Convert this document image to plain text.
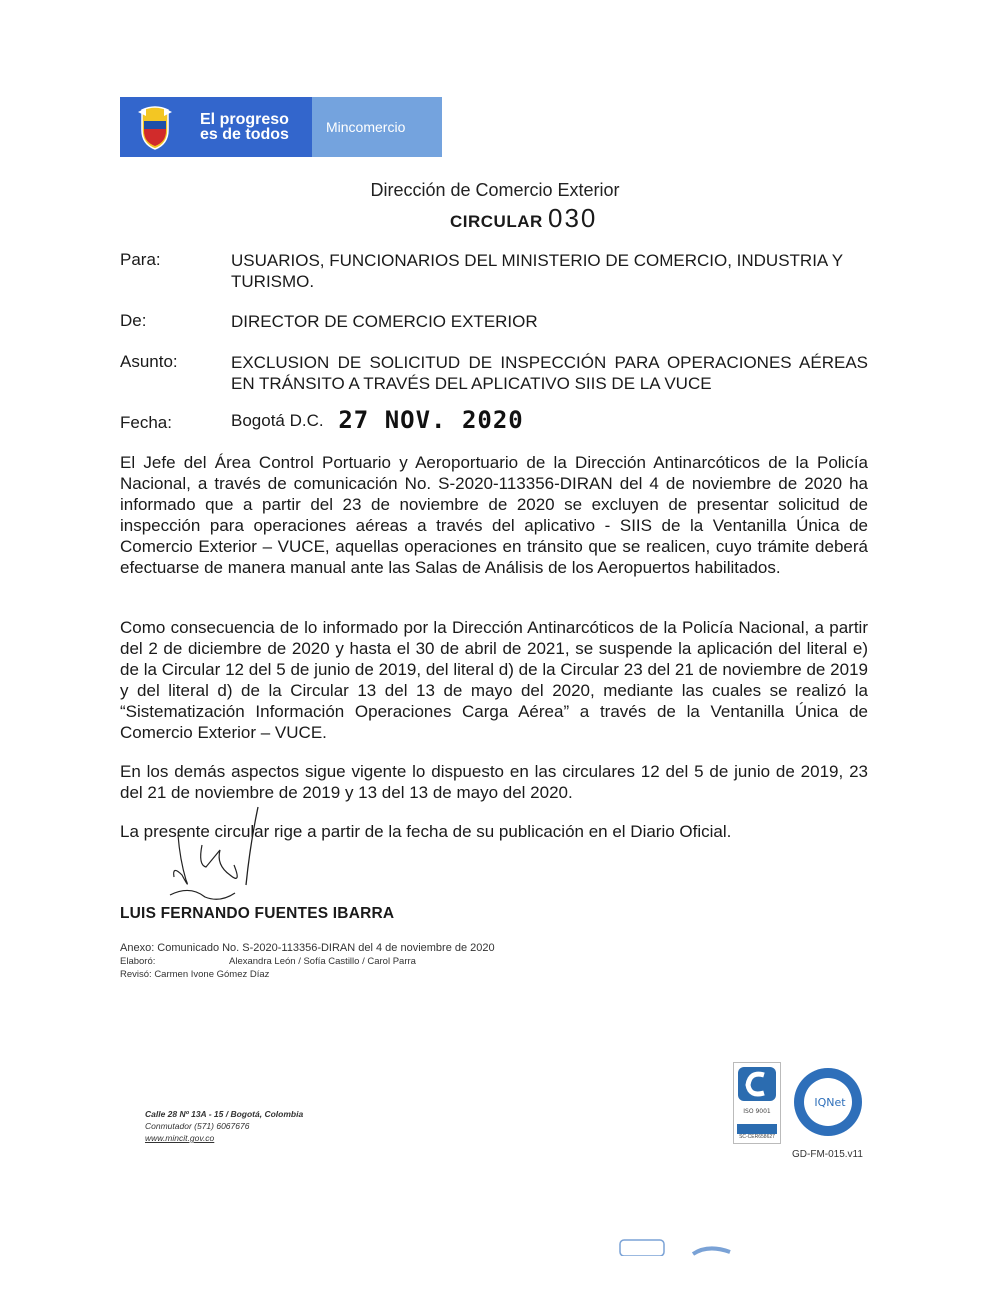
El progreso
es de todos	Mincomercio
Dirección de Comercio Exterior
CIRCULAR 030
Para:	USUARIOS, FUNCIONARIOS DEL MINISTERIO DE COMERCIO, INDUSTRIA Y TURISMO.
De:	DIRECTOR DE COMERCIO EXTERIOR
Asunto:	EXCLUSION DE SOLICITUD DE INSPECCIÓN PARA OPERACIONES AÉREAS EN TRÁNSITO A TRAVÉS DEL APLICATIVO SIIS DE LA VUCE
Fecha:	Bogotá D.C. 27 NOV. 2020
El Jefe del Área Control Portuario y Aeroportuario de la Dirección Antinarcóticos de la Policía Nacional, a través de comunicación No. S-2020-113356-DIRAN del 4 de noviembre de 2020 ha informado que a partir del 23 de noviembre de 2020 se excluyen de presentar solicitud de inspección para operaciones aéreas a través del aplicativo - SIIS de la Ventanilla Única de Comercio Exterior – VUCE, aquellas operaciones en tránsito que se realicen, cuyo trámite deberá efectuarse de manera manual ante las Salas de Análisis de los Aeropuertos habilitados.
Como consecuencia de lo informado por la Dirección Antinarcóticos de la Policía Nacional, a partir del 2 de diciembre de 2020 y hasta el 30 de abril de 2021, se suspende la aplicación del literal e) de la Circular 12 del 5 de junio de 2019, del literal d) de la Circular 23 del 21 de noviembre de 2019 y del literal d) de la Circular 13 del 13 de mayo del 2020, mediante las cuales se realizó la “Sistematización Información Operaciones Carga Aérea” a través de la Ventanilla Única de Comercio Exterior – VUCE.
En los demás aspectos sigue vigente lo dispuesto en las circulares 12 del 5 de junio de 2019, 23 del 21 de noviembre de 2019 y 13 del 13 de mayo del 2020.
La presente circular rige a partir de la fecha de su publicación en el Diario Oficial.
LUIS FERNANDO FUENTES IBARRA
Anexo: Comunicado No. S-2020-113356-DIRAN del 4 de noviembre de 2020
Elaboró:	Alexandra León / Sofía Castillo / Carol Parra
Revisó: Carmen Ivone Gómez Díaz
Calle 28 Nº 13A - 15 / Bogotá, Colombia
Conmutador (571) 6067676
www.mincit.gov.co
ISO 9001
SC-CER658627
IQNet
GD-FM-015.v11
